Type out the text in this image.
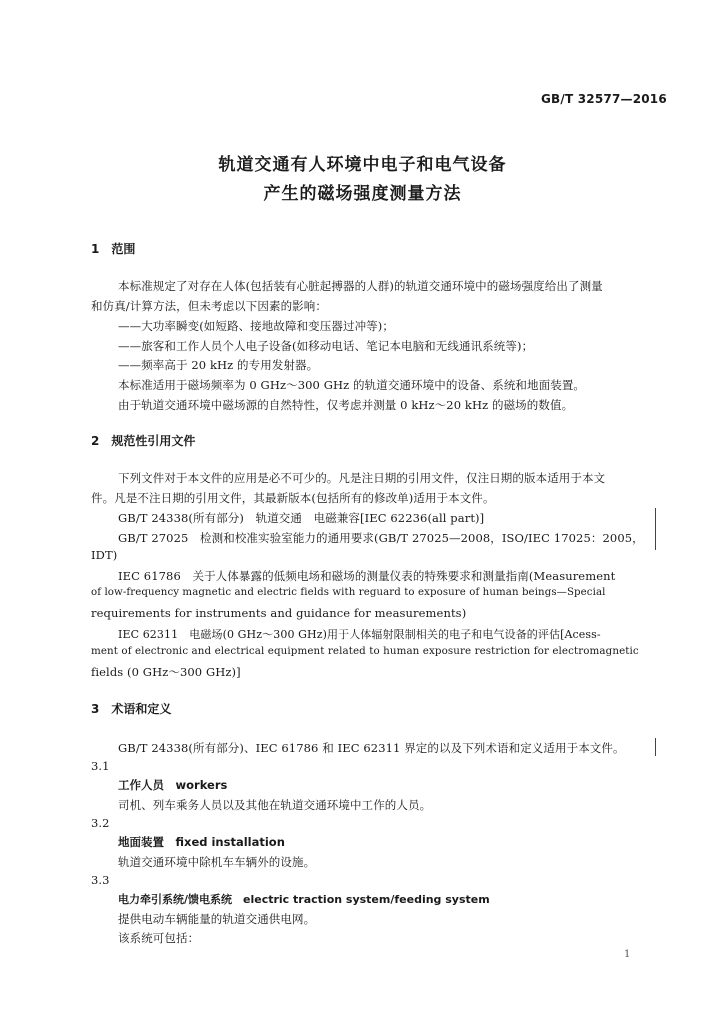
GB/T 32577—2016
轨道交通有人环境中电子和电气设备
产生的磁场强度测量方法
1　范围
本标准规定了对存在人体(包括装有心脏起搏器的人群)的轨道交通环境中的磁场强度给出了测量
和仿真/计算方法，但未考虑以下因素的影响：
——大功率瞬变(如短路、接地故障和变压器过冲等)；
——旅客和工作人员个人电子设备(如移动电话、笔记本电脑和无线通讯系统等)；
——频率高于 20 kHz 的专用发射器。
本标准适用于磁场频率为 0 GHz～300 GHz 的轨道交通环境中的设备、系统和地面装置。
由于轨道交通环境中磁场源的自然特性，仅考虑并测量 0 kHz～20 kHz 的磁场的数值。
2　规范性引用文件
下列文件对于本文件的应用是必不可少的。凡是注日期的引用文件，仅注日期的版本适用于本文
件。凡是不注日期的引用文件，其最新版本(包括所有的修改单)适用于本文件。
GB/T 24338(所有部分)　轨道交通　电磁兼容[IEC 62236(all part)]
GB/T 27025　检测和校准实验室能力的通用要求(GB/T 27025—2008，ISO/IEC 17025：2005，
IDT)
IEC 61786　关于人体暴露的低频电场和磁场的测量仪表的特殊要求和测量指南(Measurement
of low-frequency magnetic and electric fields with reguard to exposure of human beings—Special
requirements for instruments and guidance for measurements)
IEC 62311　电磁场(0 GHz～300 GHz)用于人体辐射限制相关的电子和电气设备的评估[Acess-
ment of electronic and electrical equipment related to human exposure restriction for electromagnetic
fields (0 GHz～300 GHz)]
3　术语和定义
GB/T 24338(所有部分)、IEC 61786 和 IEC 62311 界定的以及下列术语和定义适用于本文件。
3.1
工作人员　workers
司机、列车乘务人员以及其他在轨道交通环境中工作的人员。
3.2
地面装置　fixed installation
轨道交通环境中除机车车辆外的设施。
3.3
电力牵引系统/馈电系统　electric traction system/feeding system
提供电动车辆能量的轨道交通供电网。
该系统可包括：
1
